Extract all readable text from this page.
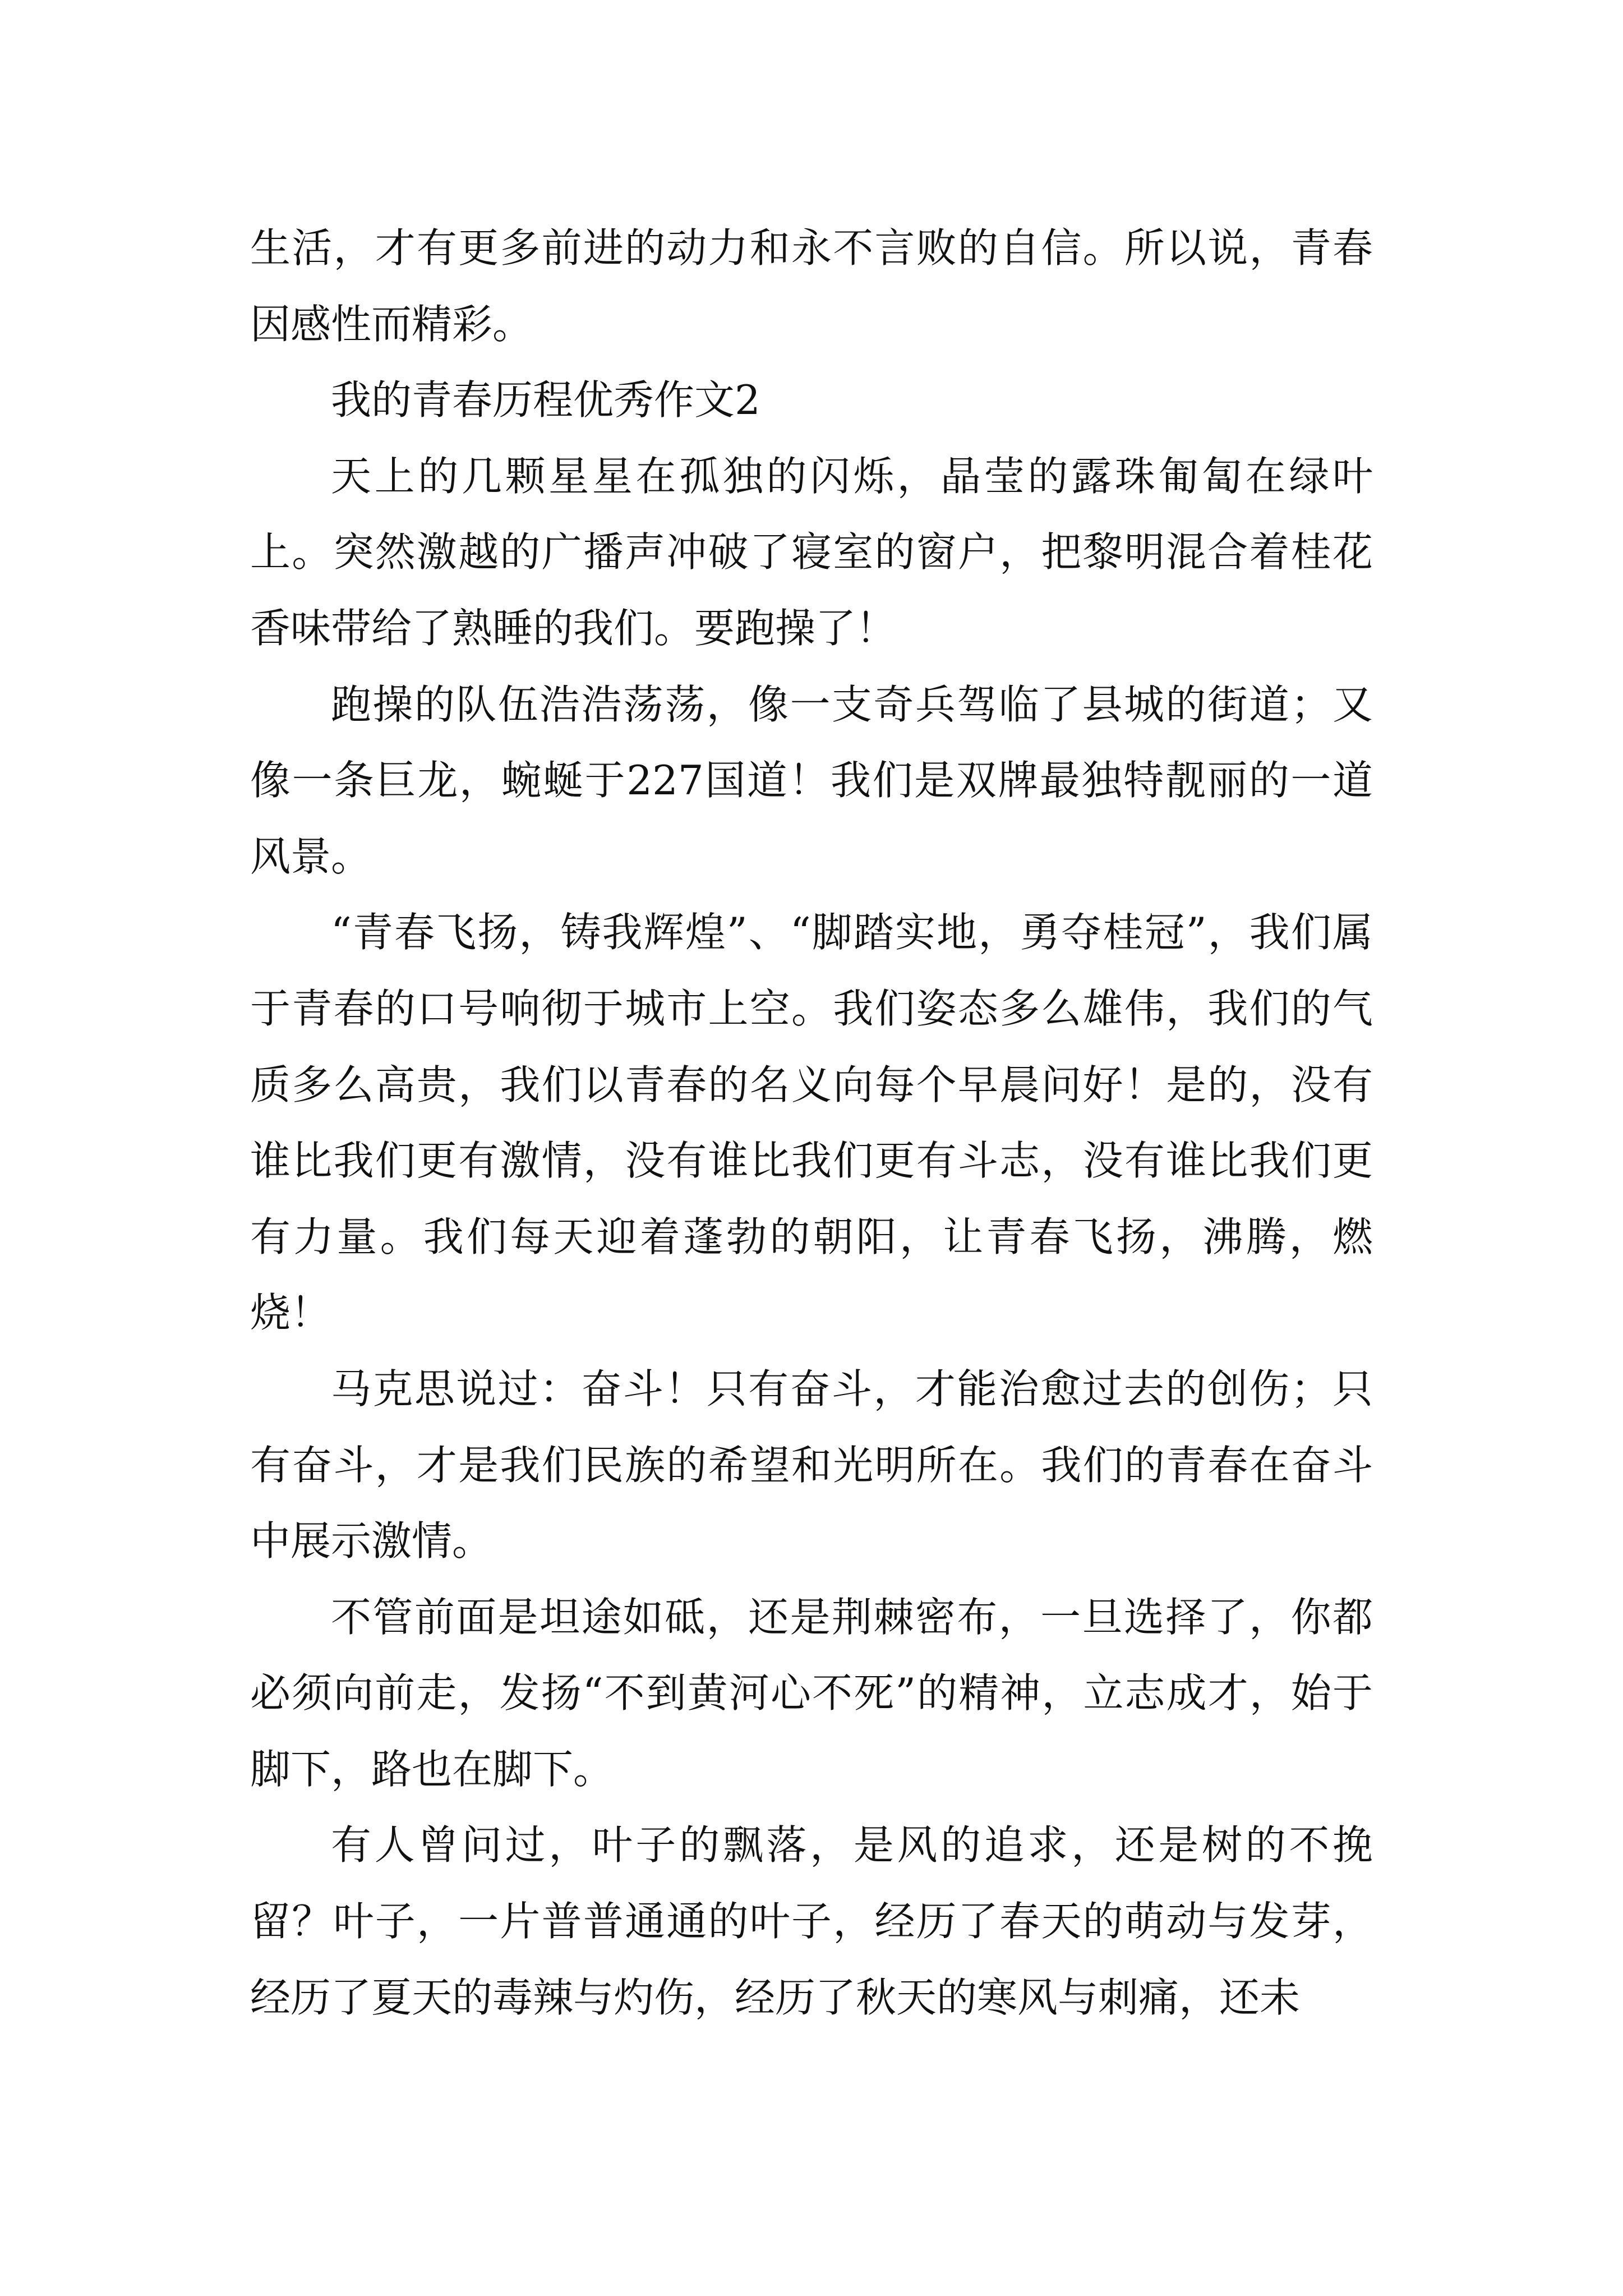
生活，才有更多前进的动力和永不言败的自信。所以说，青春因感性而精彩。

我的青春历程优秀作文2

天上的几颗星星在孤独的闪烁，晶莹的露珠匍匐在绿叶上。突然激越的广播声冲破了寝室的窗户，把黎明混合着桂花香味带给了熟睡的我们。要跑操了！

跑操的队伍浩浩荡荡，像一支奇兵驾临了县城的街道；又像一条巨龙，蜿蜒于227国道！我们是双牌最独特靓丽的一道风景。

“青春飞扬，铸我辉煌”、“脚踏实地，勇夺桂冠”，我们属于青春的口号响彻于城市上空。我们姿态多么雄伟，我们的气质多么高贵，我们以青春的名义向每个早晨问好！是的，没有谁比我们更有激情，没有谁比我们更有斗志，没有谁比我们更有力量。我们每天迎着蓬勃的朝阳，让青春飞扬，沸腾，燃烧！

马克思说过：奋斗！只有奋斗，才能治愈过去的创伤；只有奋斗，才是我们民族的希望和光明所在。我们的青春在奋斗中展示激情。

不管前面是坦途如砥，还是荆棘密布，一旦选择了，你都必须向前走，发扬“不到黄河心不死”的精神，立志成才，始于脚下，路也在脚下。

有人曾问过，叶子的飘落，是风的追求，还是树的不挽留？叶子，一片普普通通的叶子，经历了春天的萌动与发芽，经历了夏天的毒辣与灼伤，经历了秋天的寒风与刺痛，还未
